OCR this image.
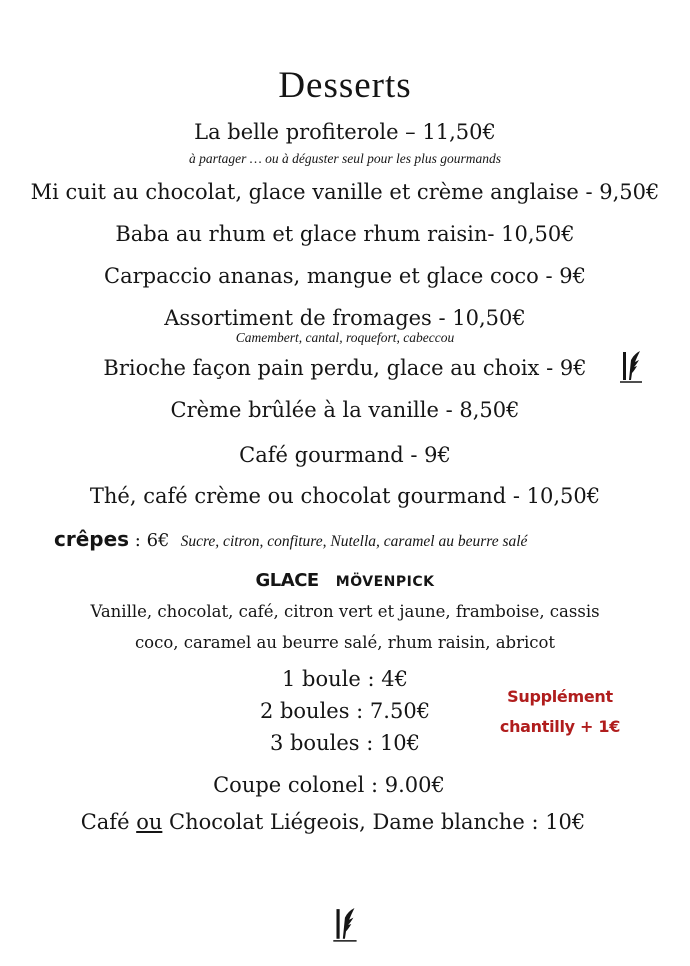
Desserts
La belle profiterole – 11,50€
à partager … ou à déguster seul pour les plus gourmands
Mi cuit au chocolat, glace vanille et crème anglaise - 9,50€
Baba au rhum et glace rhum raisin- 10,50€
Carpaccio ananas, mangue et glace coco - 9€
Assortiment de fromages - 10,50€
Camembert, cantal, roquefort, cabeccou
Brioche façon pain perdu, glace au choix - 9€
Crème brûlée à la vanille - 8,50€
Café gourmand - 9€
Thé, café crème ou chocolat gourmand - 10,50€
crêpes : 6€ Sucre, citron, confiture, Nutella, caramel au beurre salé
GLACE MÖVENPICK
Vanille, chocolat, café, citron vert et jaune, framboise, cassis
coco, caramel au beurre salé, rhum raisin, abricot
1 boule : 4€
2 boules : 7.50€
3 boules : 10€
Supplément
chantilly + 1€
Coupe colonel : 9.00€
Café ou Chocolat Liégeois, Dame blanche : 10€
